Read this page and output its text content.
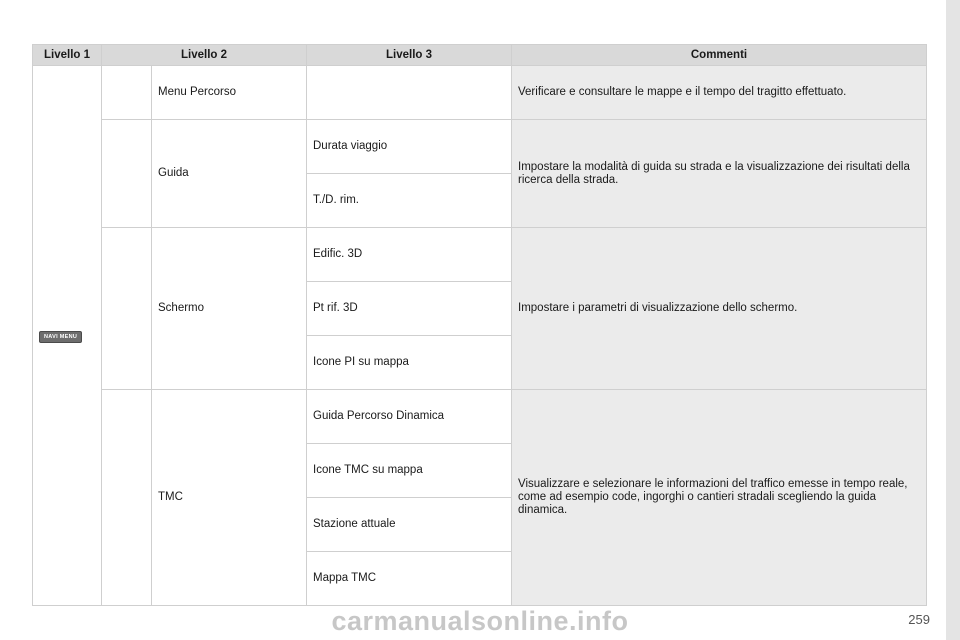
Livello 1	Livello 2		Livello 3	Commenti
NAVI MENU		Menu Percorso		Verificare e consultare le mappe e il tempo del tragitto effettuato.
		Guida	Durata viaggio	Impostare la modalità di guida su strada e la visualizzazione dei risultati della ricerca della strada.
			T./D. rim.	
		Schermo	Edific. 3D	Impostare i parametri di visualizzazione dello schermo.
			Pt rif. 3D	
			Icone PI su mappa	
		TMC	Guida Percorso Dinamica	Visualizzare e selezionare le informazioni del traffico emesse in tempo reale, come ad esempio code, ingorghi o cantieri stradali scegliendo la guida dinamica.
			Icone TMC su mappa	
			Stazione attuale	
			Mappa TMC	
259
carmanualsonline.info
